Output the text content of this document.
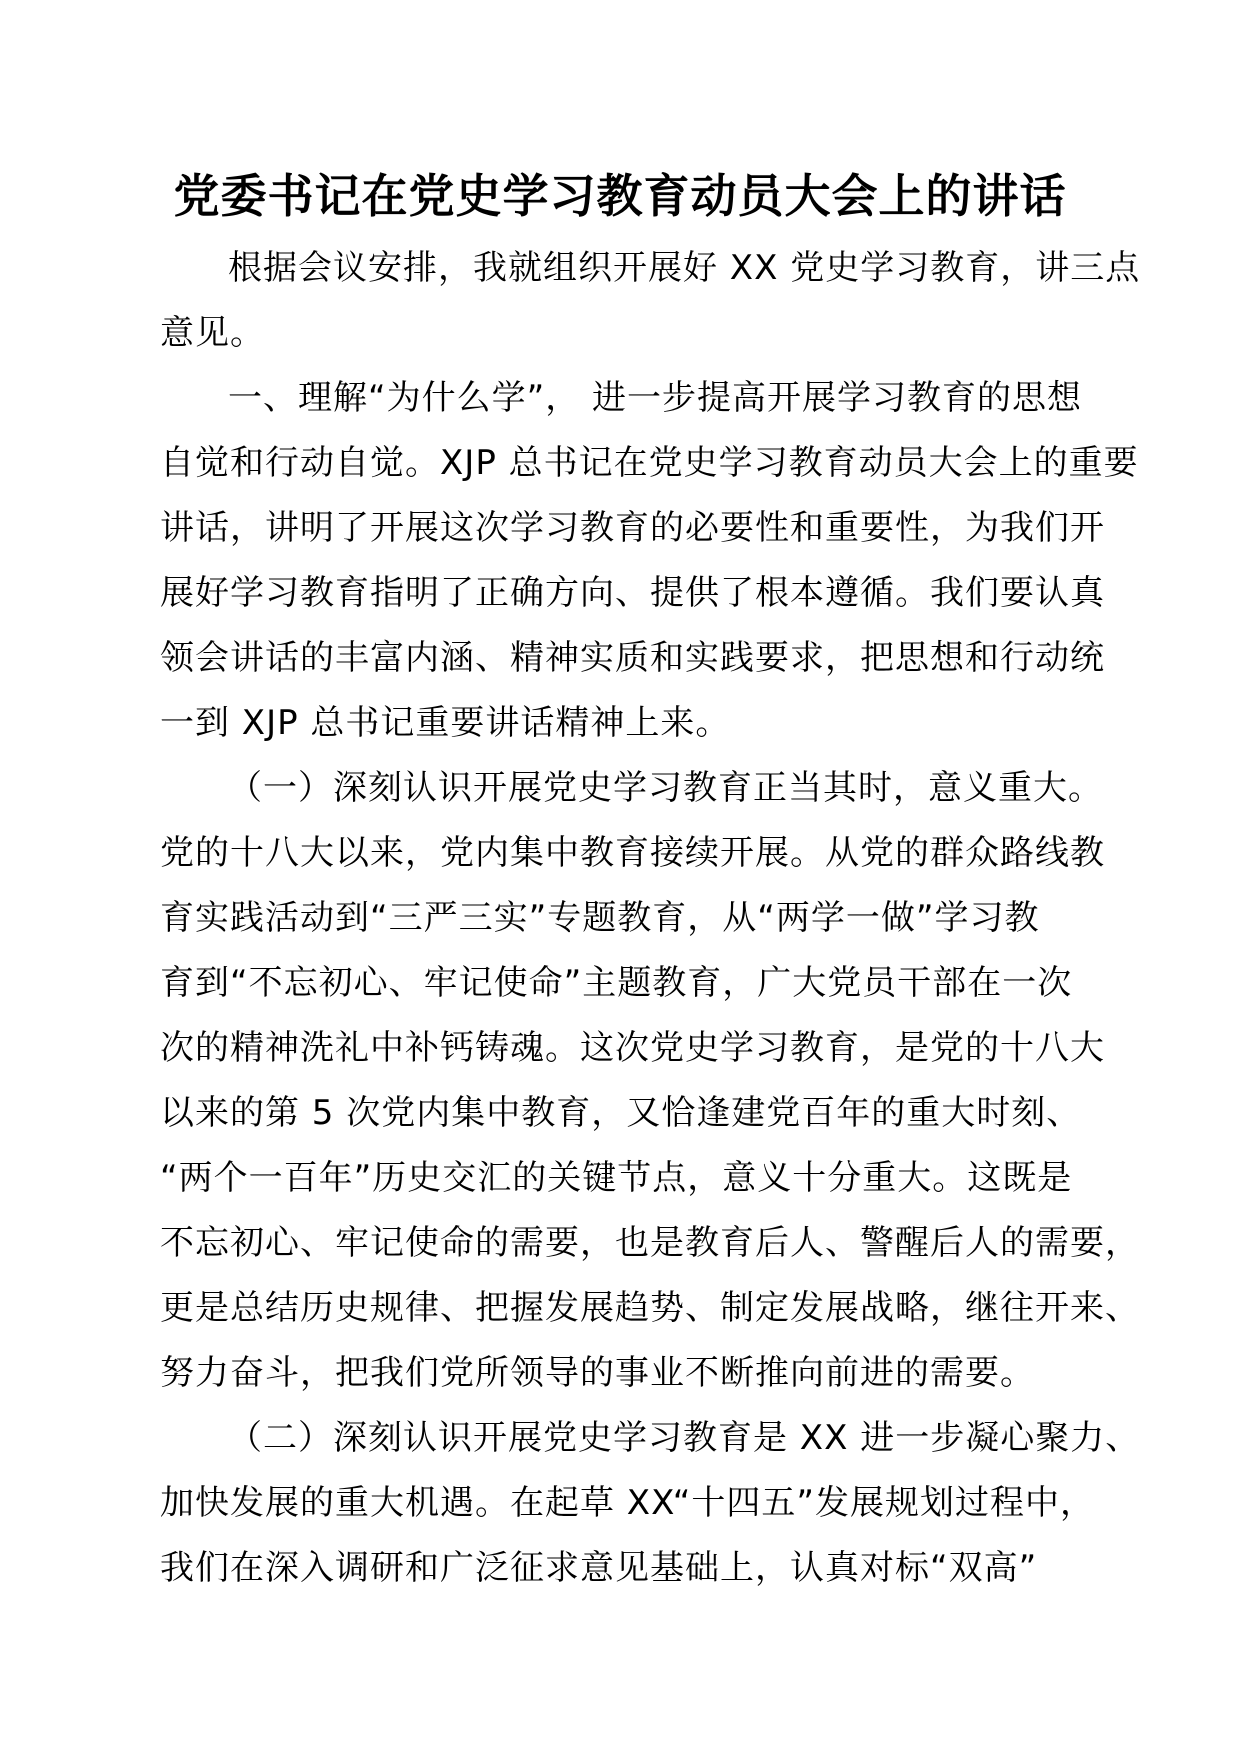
党委书记在党史学习教育动员大会上的讲话
根据会议安排，我就组织开展好 XX 党史学习教育，讲三点
意见。
一、理解“为什么学”， 进一步提高开展学习教育的思想
自觉和行动自觉。XJP 总书记在党史学习教育动员大会上的重要
讲话，讲明了开展这次学习教育的必要性和重要性，为我们开
展好学习教育指明了正确方向、提供了根本遵循。我们要认真
领会讲话的丰富内涵、精神实质和实践要求，把思想和行动统
一到 XJP 总书记重要讲话精神上来。
（一）深刻认识开展党史学习教育正当其时，意义重大。
党的十八大以来，党内集中教育接续开展。从党的群众路线教
育实践活动到“三严三实”专题教育，从“两学一做”学习教
育到“不忘初心、牢记使命”主题教育，广大党员干部在一次
次的精神洗礼中补钙铸魂。这次党史学习教育，是党的十八大
以来的第 5 次党内集中教育，又恰逢建党百年的重大时刻、
“两个一百年”历史交汇的关键节点，意义十分重大。这既是
不忘初心、牢记使命的需要，也是教育后人、警醒后人的需要，
更是总结历史规律、把握发展趋势、制定发展战略，继往开来、
努力奋斗，把我们党所领导的事业不断推向前进的需要。
（二）深刻认识开展党史学习教育是 XX 进一步凝心聚力、
加快发展的重大机遇。在起草 XX“十四五”发展规划过程中，
我们在深入调研和广泛征求意见基础上，认真对标“双高”
